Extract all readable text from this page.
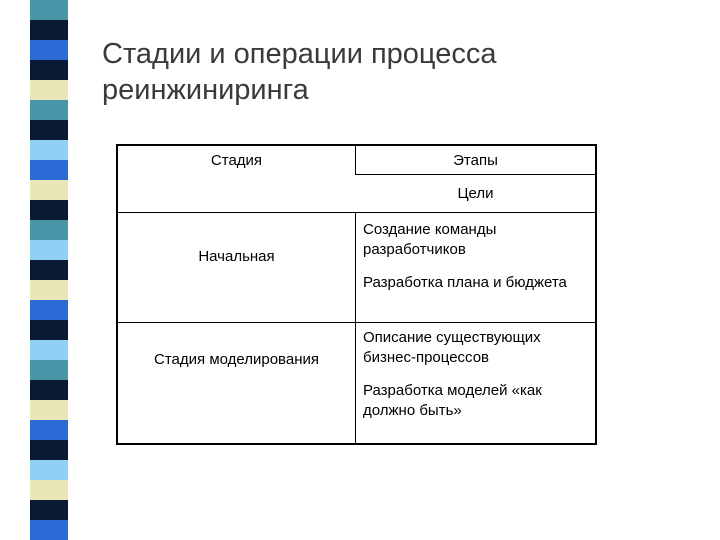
Стадии и операции процесса реинжиниринга
Стадия	Этапы
Цели
Начальная
Создание команды разработчиков
Разработка плана и бюджета
Стадия моделирования
Описание существующих бизнес-процессов
Разработка моделей «как должно быть»
